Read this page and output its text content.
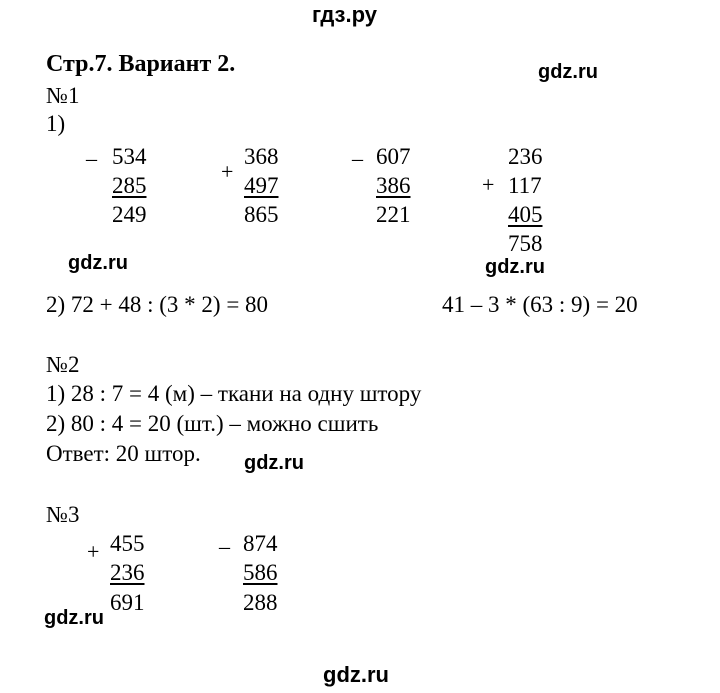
гдз.ру
gdz.ru
gdz.ru	gdz.ru
gdz.ru
gdz.ru
gdz.ru
Стр.7. Вариант 2.
№1
1)
_ 534
285
249
+
368
497
865
_ 607
386
221
+
236
117
405
758
2) 72 + 48 : (3 * 2) = 80	41 – 3 * (63 : 9) = 20
№2
1) 28 : 7 = 4 (м) – ткани на одну штору
2) 80 : 4 = 20 (шт.) – можно сшить
Ответ: 20 штор.
№3
+ 455
236
691
_ 874
586
288
